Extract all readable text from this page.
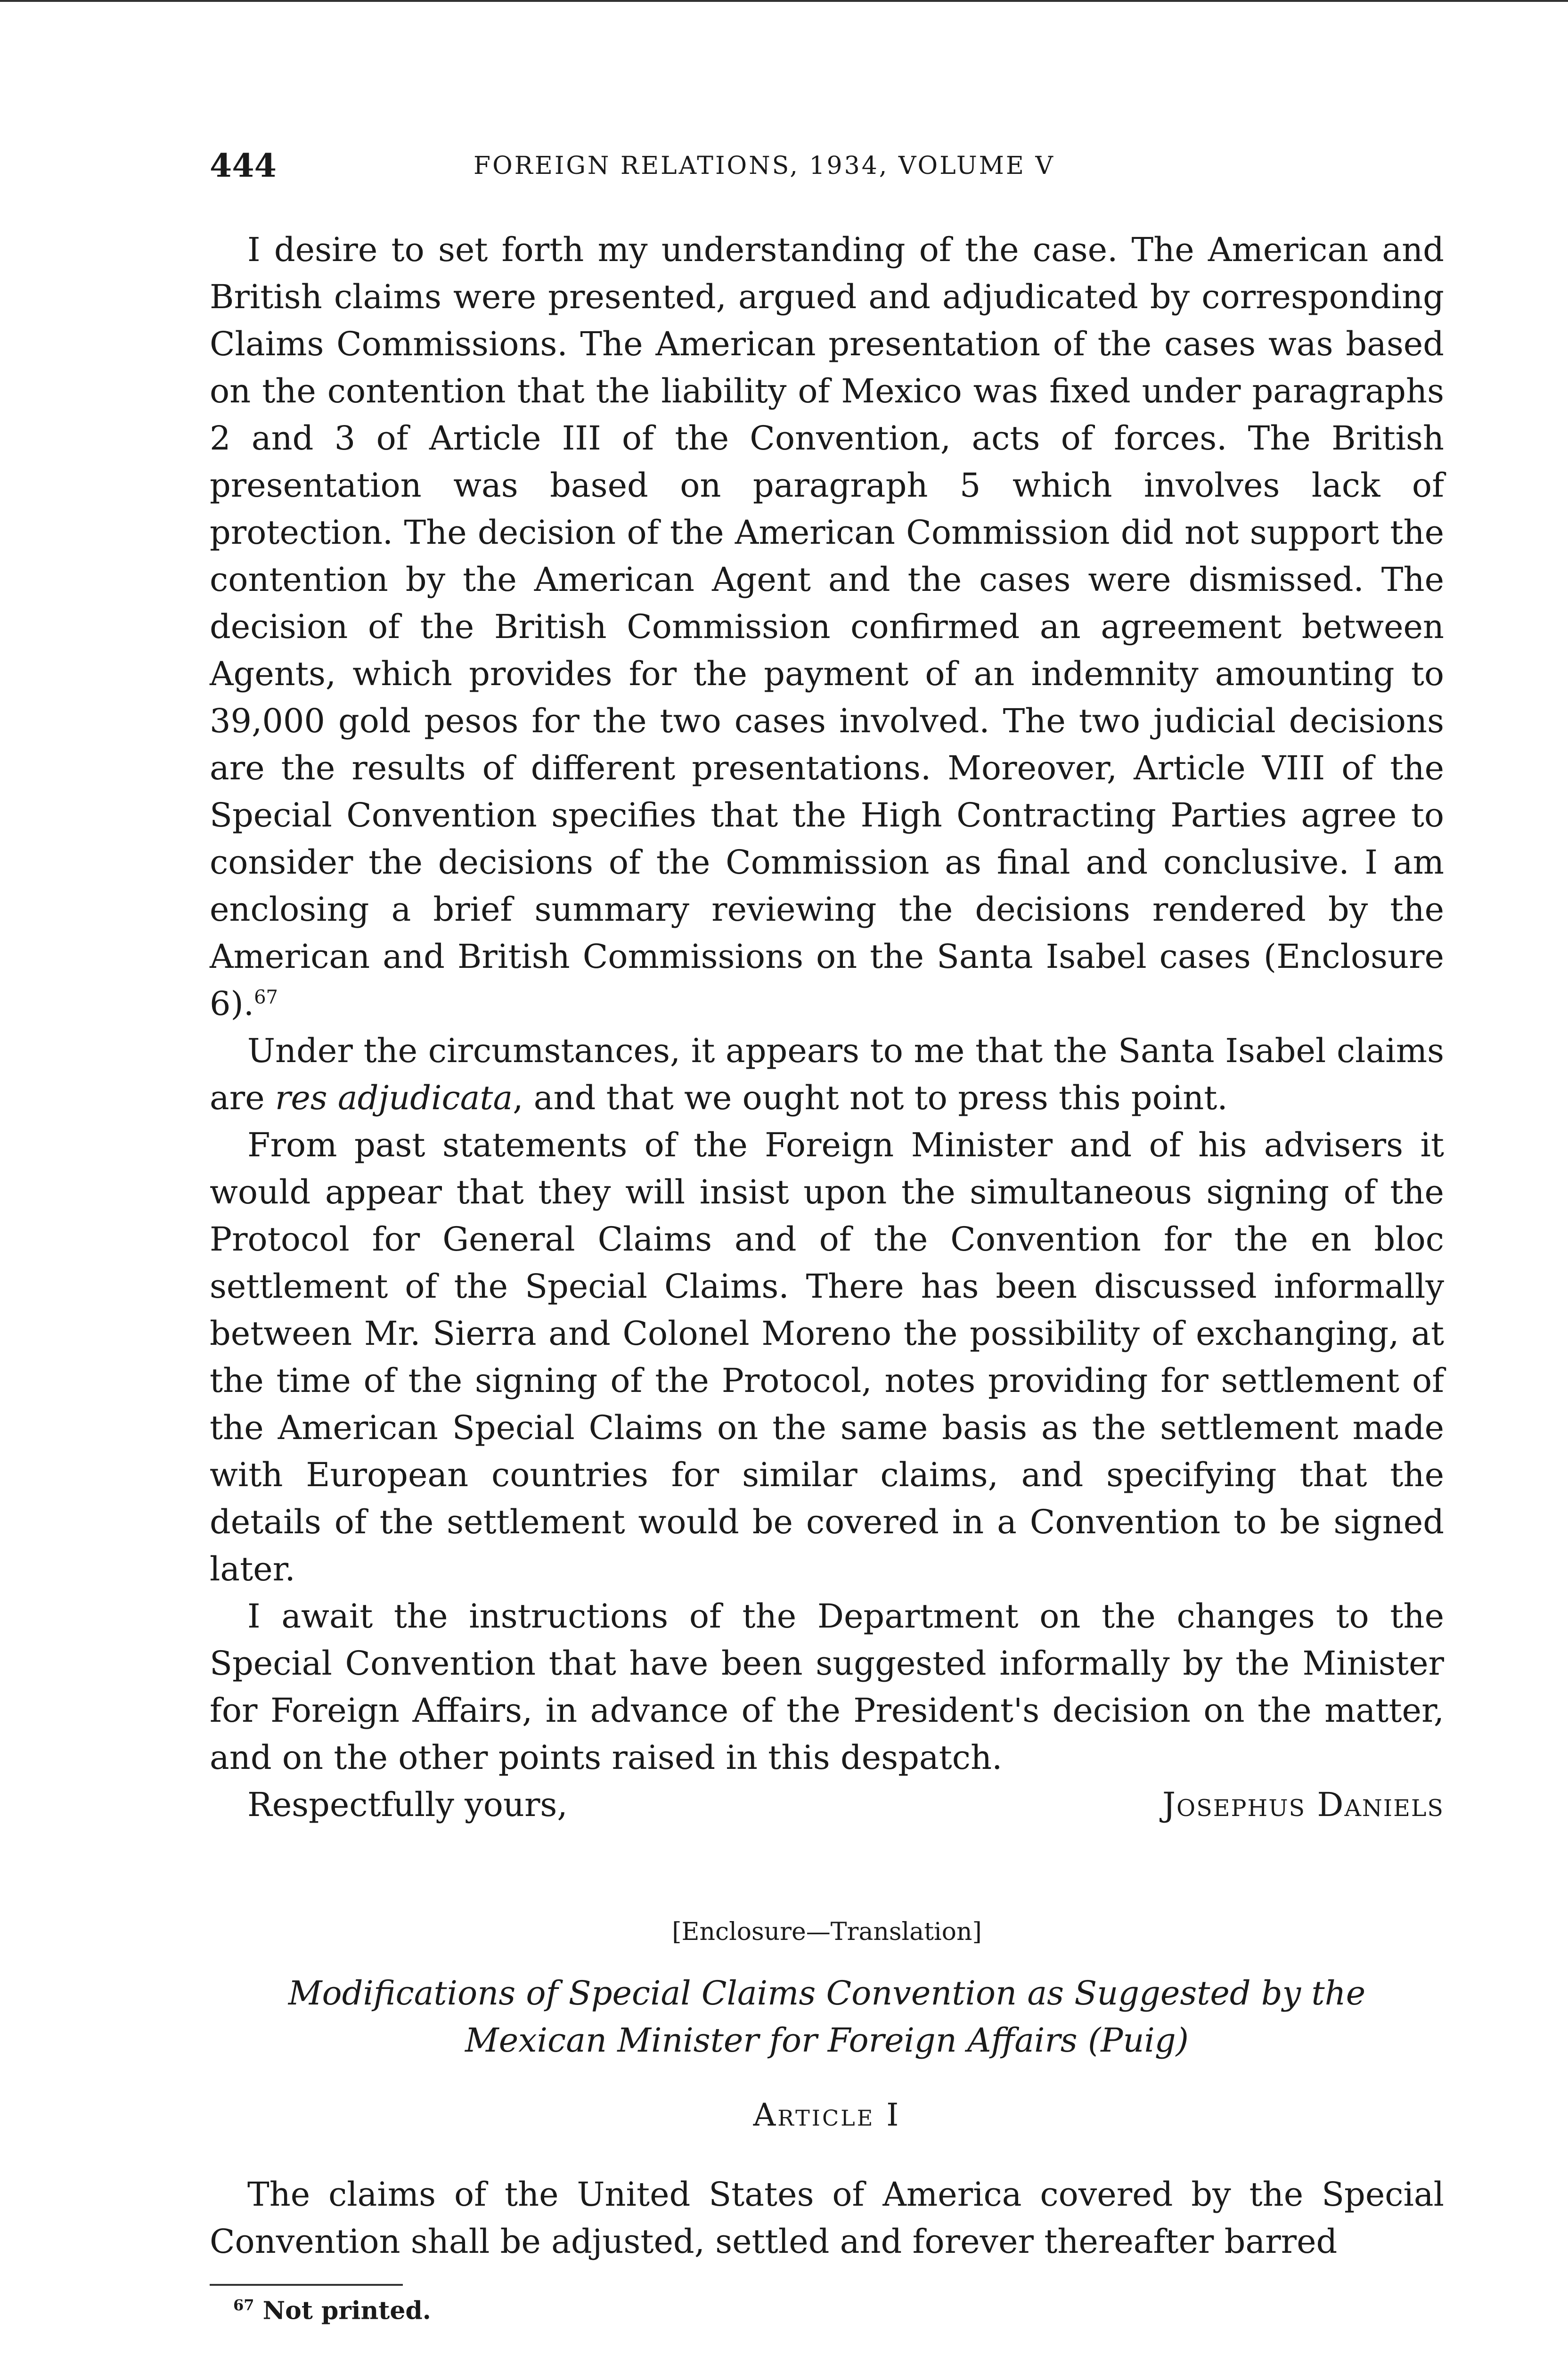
444	FOREIGN RELATIONS, 1934, VOLUME V

I desire to set forth my understanding of the case. The American and British claims were presented, argued and adjudicated by corresponding Claims Commissions. The American presentation of the cases was based on the contention that the liability of Mexico was fixed under paragraphs 2 and 3 of Article III of the Convention, acts of forces. The British presentation was based on paragraph 5 which involves lack of protection. The decision of the American Commission did not support the contention by the American Agent and the cases were dismissed. The decision of the British Commission confirmed an agreement between Agents, which provides for the payment of an indemnity amounting to 39,000 gold pesos for the two cases involved. The two judicial decisions are the results of different presentations. Moreover, Article VIII of the Special Convention specifies that the High Contracting Parties agree to consider the decisions of the Commission as final and conclusive. I am enclosing a brief summary reviewing the decisions rendered by the American and British Commissions on the Santa Isabel cases (Enclosure 6).$^{67}$

Under the circumstances, it appears to me that the Santa Isabel claims are res adjudicata, and that we ought not to press this point.

From past statements of the Foreign Minister and of his advisers it would appear that they will insist upon the simultaneous signing of the Protocol for General Claims and of the Convention for the en bloc settlement of the Special Claims. There has been discussed informally between Mr. Sierra and Colonel Moreno the possibility of exchanging, at the time of the signing of the Protocol, notes providing for settlement of the American Special Claims on the same basis as the settlement made with European countries for similar claims, and specifying that the details of the settlement would be covered in a Convention to be signed later.

I await the instructions of the Department on the changes to the Special Convention that have been suggested informally by the Minister for Foreign Affairs, in advance of the President's decision on the matter, and on the other points raised in this despatch.

Respectfully yours,	Josephus Daniels
[Enclosure—Translation]
Modifications of Special Claims Convention as Suggested by the Mexican Minister for Foreign Affairs (Puig)
Article I
The claims of the United States of America covered by the Special Convention shall be adjusted, settled and forever thereafter barred
$^{67}$ Not printed.
